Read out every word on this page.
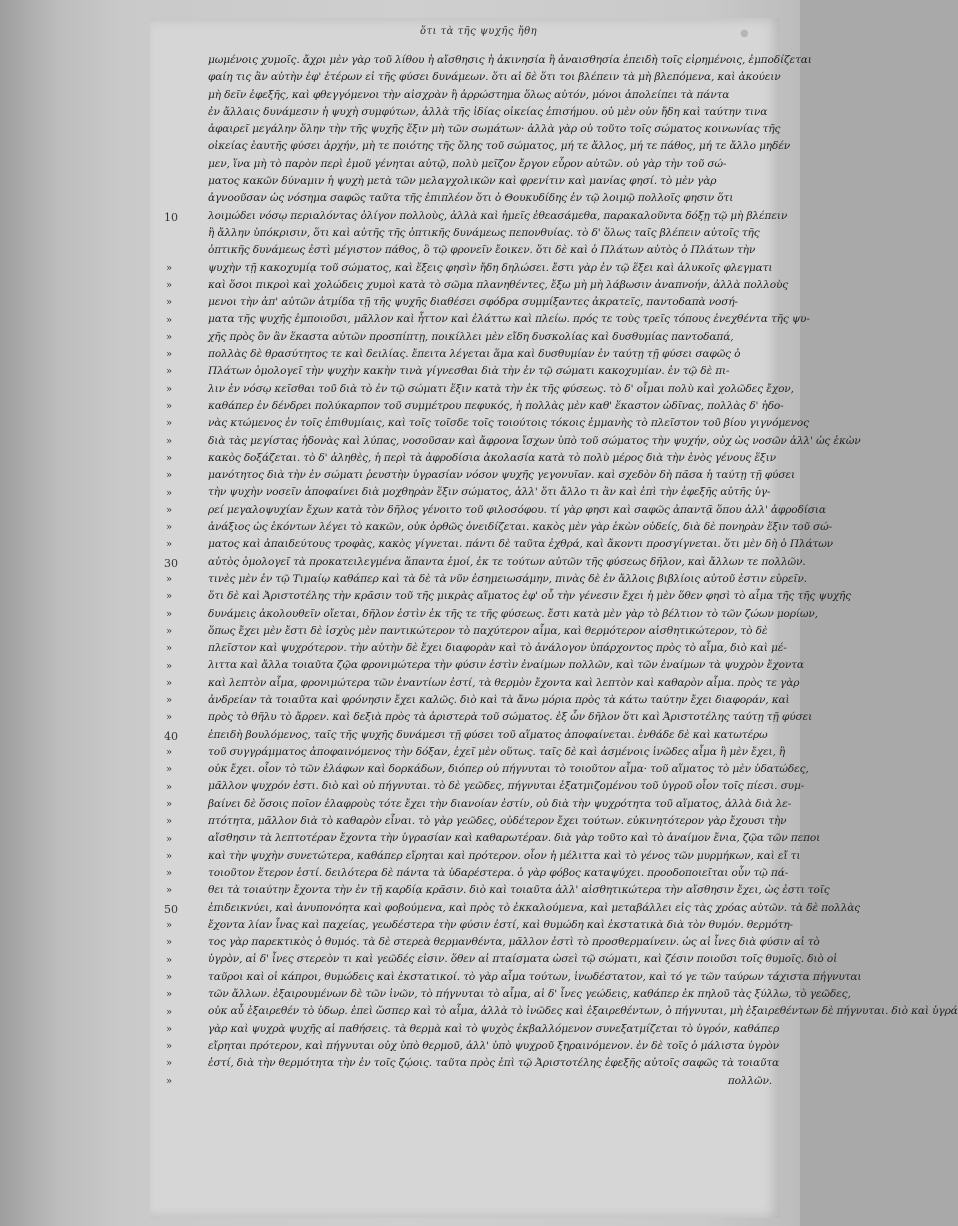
ὅτι τὰ τῆς ψυχῆς ἤθη	●
10
»
»
»
»
»
»
»
»
»
»
»
»
»
»
»
»
»
30
»
»
»
»
»
»
»
»
»
40
»
»
»
»
»
»
»
»
»
50
»
»
»
»
»
»
»
»
»
»
μωμένοις χυμοῖς. ἄχρι μὲν γὰρ τοῦ λίθου ἡ αἴσθησις ἡ ἀκινησία ἢ ἀναισθησία ἐπειδὴ τοῖς εἰρημένοις, ἐμποδίζεται
φαίη τις ἂν αὐτὴν ἐφ' ἑτέρων εἰ τῆς φύσει δυνάμεων. ὅτι αἱ δὲ ὅτι τοι βλέπειν τὰ μὴ βλεπόμενα, καὶ ἀκούειν
μὴ δεῖν ἐφεξῆς, καὶ φθεγγόμενοι τὴν αἰσχρὰν ἢ ἀρρώστημα ὅλως αὐτόν, μόνοι ἀπολείπει τὰ πάντα
ἐν ἄλλαις δυνάμεσιν ἡ ψυχὴ συμφύτων, ἀλλὰ τῆς ἰδίας οἰκείας ἐπισήμου. οὐ μὲν οὐν ἤδη καὶ ταύτην τινα
ἀφαιρεῖ μεγάλην ὅλην τὴν τῆς ψυχῆς ἕξιν μὴ τῶν σωμάτων· ἀλλὰ γὰρ οὐ τοῦτο τοῖς σώματος κοινωνίας τῆς
οἰκείας ἑαυτῆς φύσει ἀρχήν, μὴ τε ποιότης τῆς ὅλης τοῦ σώματος, μή τε ἄλλος, μή τε πάθος, μή τε ἄλλο μηδέν
μεν, ἵνα μὴ τὸ παρὸν περὶ ἐμοῦ γένηται αὐτῷ, πολὺ μεῖζον ἔργον εὗρον αὐτῶν. οὐ γὰρ τὴν τοῦ σώ-
ματος κακῶν δύναμιν ἡ ψυχὴ μετὰ τῶν μελαγχολικῶν καὶ φρενίτιν καὶ μανίας φησί. τὸ μὲν γὰρ
ἀγνοοῦσαν ὡς νόσημα σαφῶς ταῦτα τῆς ἐπιπλέον ὅτι ὁ Θουκυδίδης ἐν τῷ λοιμῷ πολλοῖς φησιν ὅτι
λοιμώδει νόσῳ περιαλόντας ὀλίγον πολλοὺς, ἀλλὰ καὶ ἡμεῖς ἐθεασάμεθα, παρακαλοῦντα δόξῃ τῷ μὴ βλέπειν
ἢ ἄλλην ὑπόκρισιν, ὅτι καὶ αὐτῆς τῆς ὀπτικῆς δυνάμεως πεπονθυίας. τὸ δ' ὅλως ταῖς βλέπειν αὐτοῖς τῆς
ὀπτικῆς δυνάμεως ἐστὶ μέγιστον πάθος, ὃ τῷ φρονεῖν ἔοικεν. ὅτι δὲ καὶ ὁ Πλάτων αὐτὸς ὁ Πλάτων τὴν
ψυχὴν τῇ κακοχυμίᾳ τοῦ σώματος, καὶ ἕξεις φησὶν ἤδη δηλώσει. ἔστι γὰρ ἐν τῷ ἕξει καὶ ἀλυκοῖς φλεγματι
καὶ ὅσοι πικροὶ καὶ χολώδεις χυμοὶ κατὰ τὸ σῶμα πλανηθέντες, ἔξω μὴ μὴ λάβωσιν ἀναπνοήν, ἀλλὰ πολλοὺς
μενοι τὴν ἀπ' αὐτῶν ἀτμίδα τῇ τῆς ψυχῆς διαθέσει σφόδρα συμμίξαντες ἀκρατεῖς, παντοδαπὰ νοσή-
ματα τῆς ψυχῆς ἐμποιοῦσι, μᾶλλον καὶ ἧττον καὶ ἐλάττω καὶ πλείω. πρός τε τοὺς τρεῖς τόπους ἐνεχθέντα τῆς ψυ-
χῆς πρὸς ὃν ἂν ἕκαστα αὐτῶν προσπίπτῃ, ποικίλλει μὲν εἴδη δυσκολίας καὶ δυσθυμίας παντοδαπά,
πολλὰς δὲ θρασύτητος τε καὶ δειλίας. ἔπειτα λέγεται ἅμα καὶ δυσθυμίαν ἐν ταύτῃ τῇ φύσει σαφῶς ὁ
Πλάτων ὁμολογεῖ τὴν ψυχὴν κακὴν τινὰ γίγνεσθαι διὰ τὴν ἐν τῷ σώματι κακοχυμίαν. ἐν τῷ δὲ πι-
λιν ἐν νόσῳ κεῖσθαι τοῦ διὰ τὸ ἐν τῷ σώματι ἕξιν κατὰ τὴν ἐκ τῆς φύσεως. τὸ δ' οἶμαι πολὺ καὶ χολῶδες ἔχον,
καθάπερ ἐν δένδρει πολύκαρπον τοῦ συμμέτρου πεφυκός, ἡ πολλὰς μὲν καθ' ἕκαστον ὠδῖνας, πολλὰς δ' ἡδο-
νὰς κτώμενος ἐν τοῖς ἐπιθυμίαις, καὶ τοῖς τοῖσδε τοῖς τοιούτοις τόκοις ἐμμανὴς τὸ πλεῖστον τοῦ βίου γιγνόμενος
διὰ τὰς μεγίστας ἡδονὰς καὶ λύπας, νοσοῦσαν καὶ ἄφρονα ἴσχων ὑπὸ τοῦ σώματος τὴν ψυχήν, οὐχ ὡς νοσῶν ἀλλ' ὡς ἑκὼν
κακὸς δοξάζεται. τὸ δ' ἀληθὲς, ἡ περὶ τὰ ἀφροδίσια ἀκολασία κατὰ τὸ πολὺ μέρος διὰ τὴν ἑνὸς γένους ἕξιν
μανότητος διὰ τὴν ἐν σώματι ῥευστὴν ὑγρασίαν νόσον ψυχῆς γεγονυῖαν. καὶ σχεδὸν δὴ πᾶσα ἡ ταύτῃ τῇ φύσει
τὴν ψυχὴν νοσεῖν ἀποφαίνει διὰ μοχθηρὰν ἕξιν σώματος, ἀλλ' ὅτι ἄλλο τι ἂν καὶ ἐπὶ τὴν ἐφεξῆς αὐτῆς ὑγ-
ρεί μεγαλοψυχίαν ἔχων κατὰ τὸν δῆλος γένοιτο τοῦ φιλοσόφου. τί γὰρ φησι καὶ σαφῶς ἀπαντᾷ ὅπου ἀλλ' ἀφροδίσια
ἀνάξιος ὡς ἑκόντων λέγει τὸ κακῶν, οὐκ ὀρθῶς ὀνειδίζεται. κακὸς μὲν γὰρ ἑκὼν οὐδείς, διὰ δὲ πονηρὰν ἕξιν τοῦ σώ-
ματος καὶ ἀπαιδεύτους τροφὰς, κακὸς γίγνεται. πάντι δὲ ταῦτα ἐχθρά, καὶ ἄκοντι προσγίγνεται. ὅτι μὲν δὴ ὁ Πλάτων
αὐτὸς ὁμολογεῖ τὰ προκατειλεγμένα ἅπαντα ἐμοί, ἐκ τε τούτων αὐτῶν τῆς φύσεως δῆλον, καὶ ἄλλων τε πολλῶν.
τινὲς μὲν ἐν τῷ Τιμαίῳ καθάπερ καὶ τὰ δὲ τὰ νῦν ἐσημειωσάμην, πινὰς δὲ ἐν ἄλλοις βιβλίοις αὐτοῦ ἐστιν εὑρεῖν.
ὅτι δὲ καὶ Ἀριστοτέλης τὴν κρᾶσιν τοῦ τῆς μικρὰς αἵματος ἐφ' οὗ τὴν γένεσιν ἔχει ἡ μὲν ὅθεν φησὶ τὸ αἷμα τῆς τῆς ψυχῆς
δυνάμεις ἀκολουθεῖν οἴεται, δῆλον ἐστὶν ἐκ τῆς τε τῆς φύσεως. ἔστι κατὰ μὲν γὰρ τὸ βέλτιον τὸ τῶν ζώων μορίων,
ὅπως ἔχει μὲν ἔστι δὲ ἰσχὺς μὲν παντικώτερον τὸ παχύτερον αἷμα, καὶ θερμότερον αἰσθητικώτερον, τὸ δὲ
πλεῖστον καὶ ψυχρότερον. τὴν αὐτὴν δὲ ἔχει διαφορὰν καὶ τὸ ἀνάλογον ὑπάρχοντος πρὸς τὸ αἷμα, διὸ καὶ μέ-
λιττα καὶ ἄλλα τοιαῦτα ζῷα φρονιμώτερα τὴν φύσιν ἐστὶν ἐναίμων πολλῶν, καὶ τῶν ἐναίμων τὰ ψυχρὸν ἔχοντα
καὶ λεπτὸν αἷμα, φρονιμώτερα τῶν ἐναντίων ἐστί, τὰ θερμὸν ἔχοντα καὶ λεπτὸν καὶ καθαρὸν αἷμα. πρὸς τε γὰρ
ἀνδρείαν τὰ τοιαῦτα καὶ φρόνησιν ἔχει καλῶς. διὸ καὶ τὰ ἄνω μόρια πρὸς τὰ κάτω ταύτην ἔχει διαφοράν, καὶ
πρὸς τὸ θῆλυ τὸ ἄρρεν. καὶ δεξιὰ πρὸς τὰ ἀριστερὰ τοῦ σώματος. ἐξ ὧν δῆλον ὅτι καὶ Ἀριστοτέλης ταύτῃ τῇ φύσει
ἐπειδὴ βουλόμενος, ταῖς τῆς ψυχῆς δυνάμεσι τῇ φύσει τοῦ αἵματος ἀποφαίνεται. ἐνθάδε δὲ καὶ κατωτέρω
τοῦ συγγράμματος ἀποφαινόμενος τὴν δόξαν, ἐχεῖ μὲν οὕτως. ταῖς δὲ καὶ ἀσμένοις ἱνῶδες αἷμα ἢ μὲν ἔχει, ἢ
οὐκ ἔχει. οἷον τὸ τῶν ἐλάφων καὶ δορκάδων, διόπερ οὐ πήγνυται τὸ τοιοῦτον αἷμα· τοῦ αἵματος τὸ μὲν ὑδατώδες,
μᾶλλον ψυχρόν ἐστι. διὸ καὶ οὐ πήγνυται. τὸ δὲ γεῶδες, πήγνυται ἐξατμιζομένου τοῦ ὑγροῦ οἷον τοῖς πίεσι. συμ-
βαίνει δὲ ὅσοις ποῖον ἐλαφροὺς τότε ἔχει τὴν διανοίαν ἐστίν, οὐ διὰ τὴν ψυχρότητα τοῦ αἵματος, ἀλλὰ διὰ λε-
πτότητα, μᾶλλον διὰ τὸ καθαρὸν εἶναι. τὸ γὰρ γεῶδες, οὐδέτερον ἔχει τούτων. εὐκινητότερον γὰρ ἔχουσι τὴν
αἴσθησιν τὰ λεπτοτέραν ἔχοντα τὴν ὑγρασίαν καὶ καθαρωτέραν. διὰ γὰρ τοῦτο καὶ τὸ ἀναίμον ἔνια, ζῷα τῶν πεποι
καὶ τὴν ψυχὴν συνετώτερα, καθάπερ εἴρηται καὶ πρότερον. οἷον ἡ μέλιττα καὶ τὸ γένος τῶν μυρμήκων, καὶ εἴ τι
τοιοῦτον ἕτερον ἐστί. δειλότερα δὲ πάντα τὰ ὑδαρέστερα. ὁ γὰρ φόβος καταψύχει. προοδοποιεῖται οὖν τῷ πά-
θει τὰ τοιαύτην ἔχοντα τὴν ἐν τῇ καρδίᾳ κρᾶσιν. διὸ καὶ τοιαῦτα ἀλλ' αἰσθητικώτερα τὴν αἴσθησιν ἔχει, ὡς ἐστι τοῖς
ἐπιδεικνύει, καὶ ἀνυπονόητα καὶ φοβούμενα, καὶ πρὸς τὸ ἐκκαλούμενα, καὶ μεταβάλλει εἰς τὰς χρόας αὐτῶν. τὰ δὲ πολλὰς
ἔχοντα λίαν ἶνας καὶ παχείας, γεωδέστερα τὴν φύσιν ἐστί, καὶ θυμώδη καὶ ἐκστατικὰ διὰ τὸν θυμόν. θερμότη-
τος γὰρ παρεκτικὸς ὁ θυμός. τὰ δὲ στερεὰ θερμανθέντα, μᾶλλον ἐστὶ τὸ προσθερμαίνειν. ὡς αἱ ἶνες διὰ φύσιν αἱ τὸ
ὑγρὸν, αἱ δ' ἶνες στερεὸν τι καὶ γεῶδές εἰσιν. ὅθεν αἱ πταίσματα ὡσεὶ τῷ σώματι, καὶ ζέσιν ποιοῦσι τοῖς θυμοῖς. διὸ οἱ
ταῦροι καὶ οἱ κάπροι, θυμώδεις καὶ ἐκστατικοί. τὸ γὰρ αἷμα τούτων, ἱνωδέστατον, καὶ τό γε τῶν ταύρων τάχιστα πήγνυται
τῶν ἄλλων. ἐξαιρουμένων δὲ τῶν ἰνῶν, τὸ πήγνυται τὸ αἷμα, αἱ δ' ἶνες γεώδεις, καθάπερ ἐκ πηλοῦ τὰς ξύλλω, τὸ γεῶδες,
οὐκ αὖ ἐξαιρεθέν τὸ ὑδωρ. ἐπεὶ ὥσπερ καὶ τὸ αἷμα, ἀλλὰ τὸ ἰνῶδες καὶ ἐξαιρεθέντων, ὁ πήγνυται, μὴ ἐξαιρεθέντων δὲ πήγνυται. διὸ καὶ ὑγρά
γὰρ καὶ ψυχρὰ ψυχῆς αἱ παθήσεις. τὰ θερμὰ καὶ τὸ ψυχὸς ἐκβαλλόμενον συνεξατμίζεται τὸ ὑγρόν, καθάπερ
εἴρηται πρότερον, καὶ πήγνυται οὐχ ὑπὸ θερμοῦ, ἀλλ' ὑπὸ ψυχροῦ ξηραινόμενον. ἐν δὲ τοῖς ὁ μάλιστα ὑγρὸν
ἐστί, διὰ τὴν θερμότητα τὴν ἐν τοῖς ζῴοις. ταῦτα πρὸς ἐπὶ τῷ Ἀριστοτέλης ἐφεξῆς αὐτοῖς σαφῶς τὰ τοιαῦτα
πολλῶν.
